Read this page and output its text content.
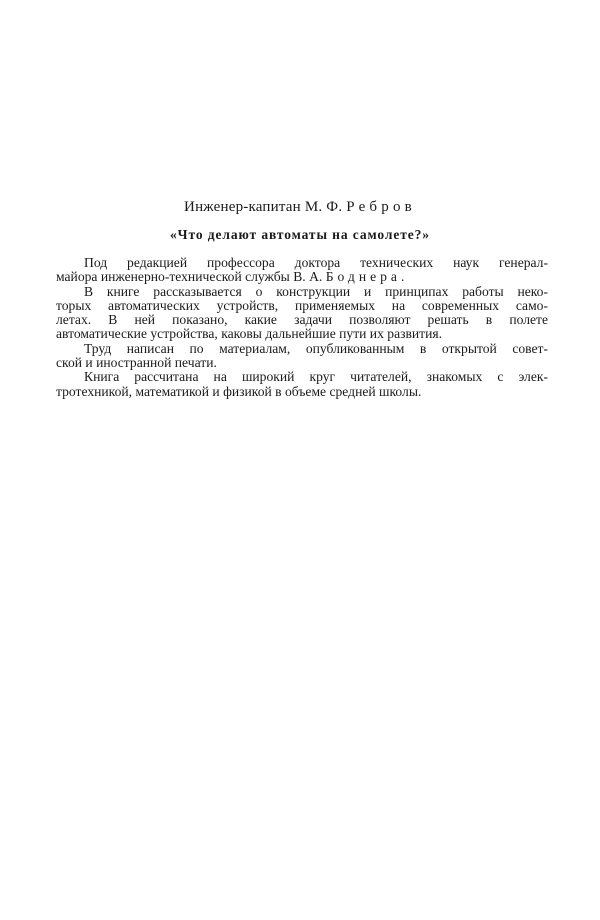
Инженер-капитан М. Ф. Ребров
«Что делают автоматы на самолете?»
Под редакцией профессора доктора технических наук генерал-
майора инженерно-технической службы В. А. Боднера.
В книге рассказывается о конструкции и принципах работы неко-
торых автоматических устройств, применяемых на современных само-
летах. В ней показано, какие задачи позволяют решать в полете
автоматические устройства, каковы дальнейшие пути их развития.
Труд написан по материалам, опубликованным в открытой совет-
ской и иностранной печати.
Книга рассчитана на широкий круг читателей, знакомых с элек-
тротехникой, математикой и физикой в объеме средней школы.
